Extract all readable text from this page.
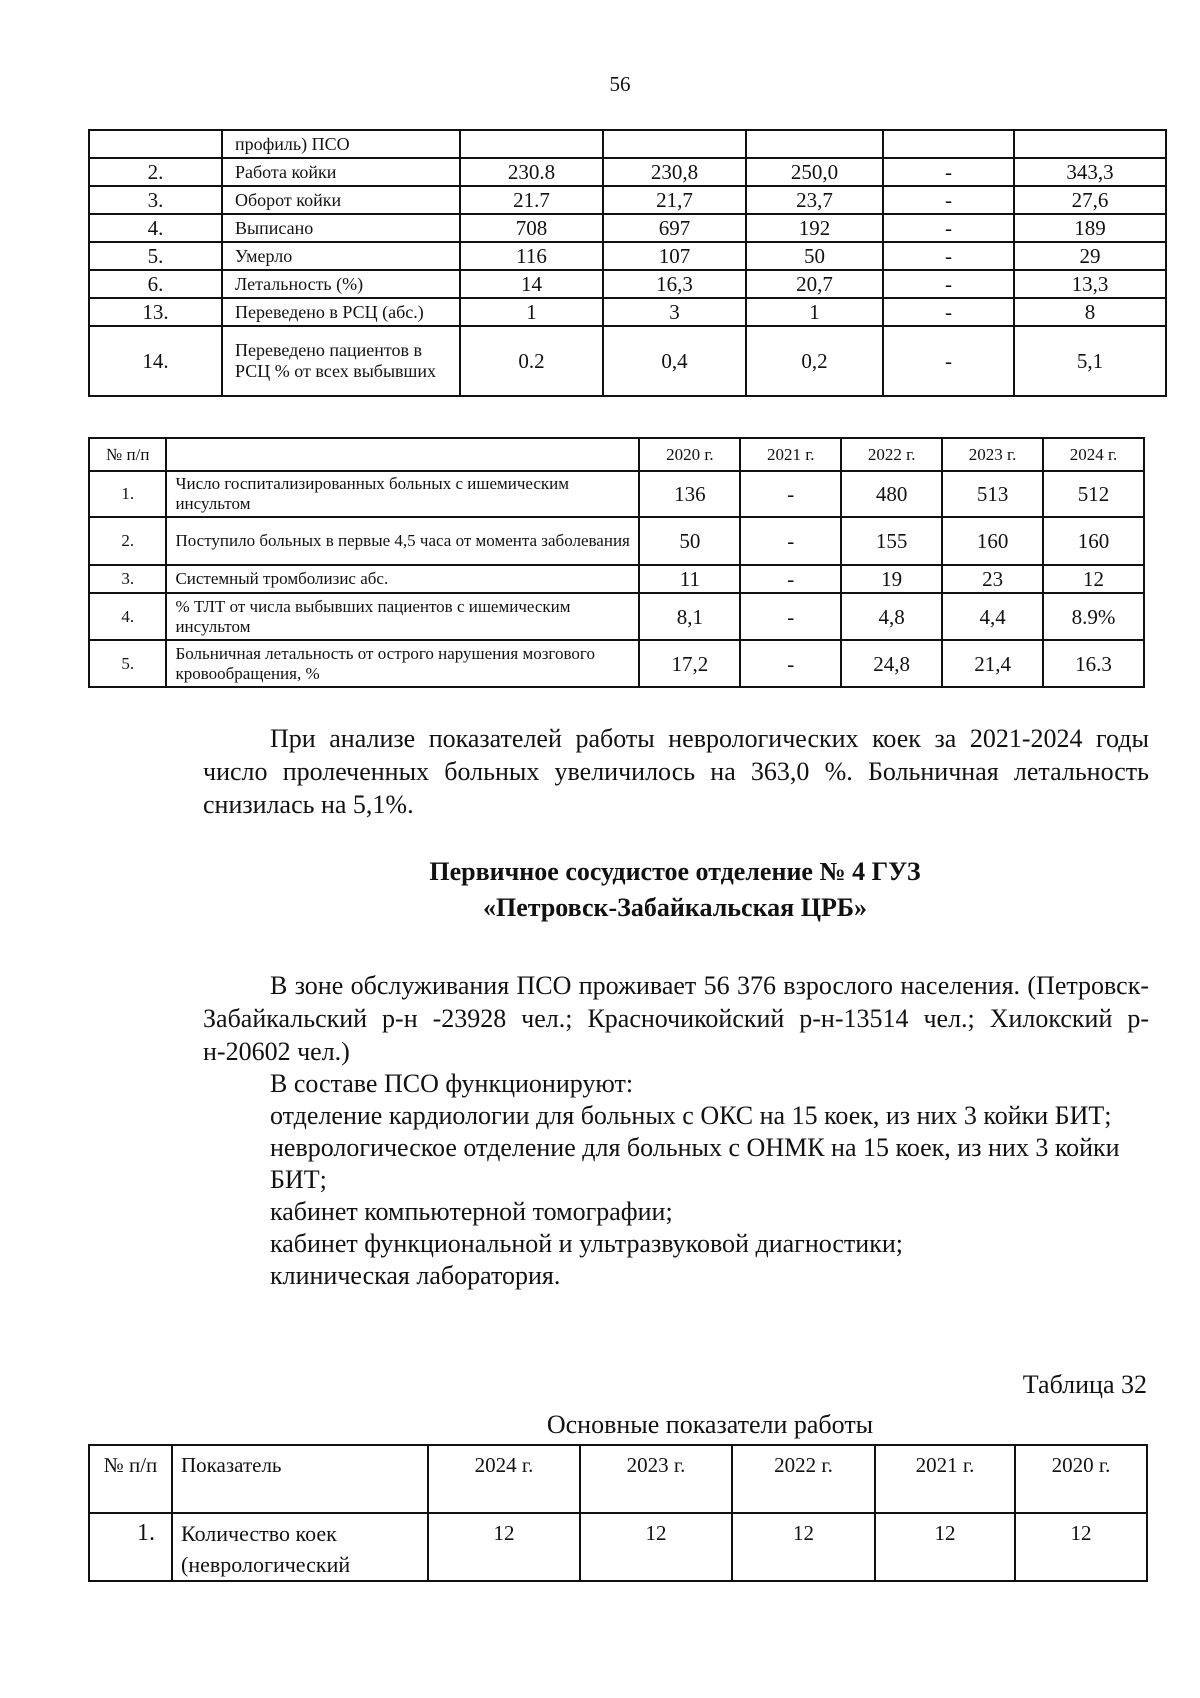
56
	профиль) ПСО					
2.	Работа койки	230.8	230,8	250,0	-	343,3
3.	Оборот койки	21.7	21,7	23,7	-	27,6
4.	Выписано	708	697	192	-	189
5.	Умерло	116	107	50	-	29
6.	Летальность (%)	14	16,3	20,7	-	13,3
13.	Переведено в РСЦ (абс.)	1	3	1	-	8
14.	Переведено пациентов в РСЦ % от всех выбывших	0.2	0,4	0,2	-	5,1
№ п/п		2020 г.	2021 г.	2022 г.	2023 г.	2024 г.
1.	Число госпитализированных больных с ишемическим инсультом	136	-	480	513	512
2.	Поступило больных в первые 4,5 часа от момента заболевания	50	-	155	160	160
3.	Системный тромболизис абс.	11	-	19	23	12
4.	% ТЛТ от числа выбывших пациентов с ишемическим инсультом	8,1	-	4,8	4,4	8.9%
5.	Больничная летальность от острого нарушения мозгового кровообращения, %	17,2	-	24,8	21,4	16.3
При анализе показателей работы неврологических коек за 2021-2024 годы число пролеченных больных увеличилось на 363,0 %. Больничная летальность снизилась на 5,1%.
Первичное сосудистое отделение № 4 ГУЗ
«Петровск-Забайкальская ЦРБ»
В зоне обслуживания ПСО проживает 56 376 взрослого населения. (Петровск-Забайкальский р-н -23928 чел.; Красночикойский р-н-13514 чел.; Хилокский р-н-20602 чел.)
В составе ПСО функционируют:
отделение кардиологии для больных с ОКС на 15 коек, из них 3 койки БИТ;
неврологическое отделение для больных с ОНМК на 15 коек, из них 3 койки БИТ;
кабинет компьютерной томографии;
кабинет функциональной и ультразвуковой диагностики;
клиническая лаборатория.
Таблица 32
Основные показатели работы
№ п/п	Показатель	2024 г.	2023 г.	2022 г.	2021 г.	2020 г.
1.	Количество коек (неврологический	12	12	12	12	12
